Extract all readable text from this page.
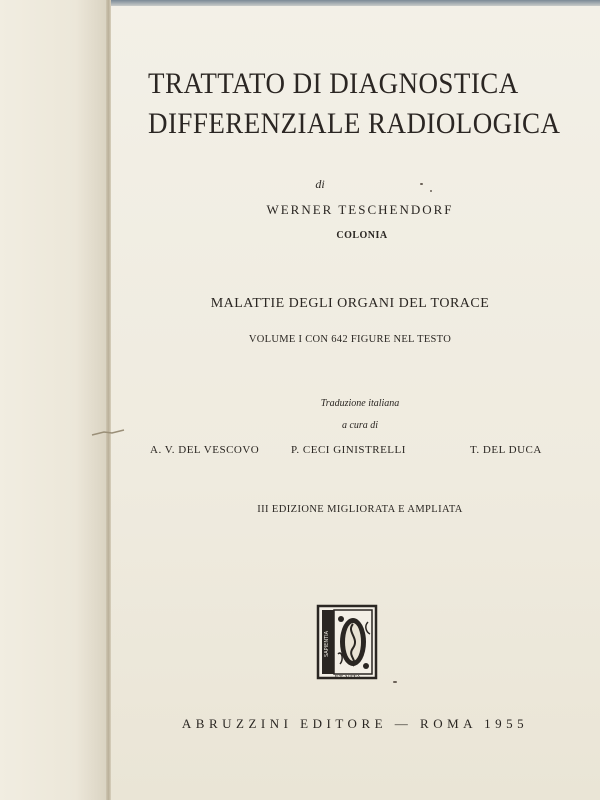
TRATTATO DI DIAGNOSTICA
DIFFERENZIALE RADIOLOGICA
di
WERNER TESCHENDORF
COLONIA
MALATTIE DEGLI ORGANI DEL TORACE
VOLUME I CON 642 FIGURE NEL TESTO
Traduzione italiana
a cura di
A. V. DEL VESCOVO	P. CECI GINISTRELLI	T. DEL DUCA
III EDIZIONE MIGLIORATA E AMPLIATA
SAPIENTIA
ET VITA
ABRUZZINI EDITORE — ROMA 1955
